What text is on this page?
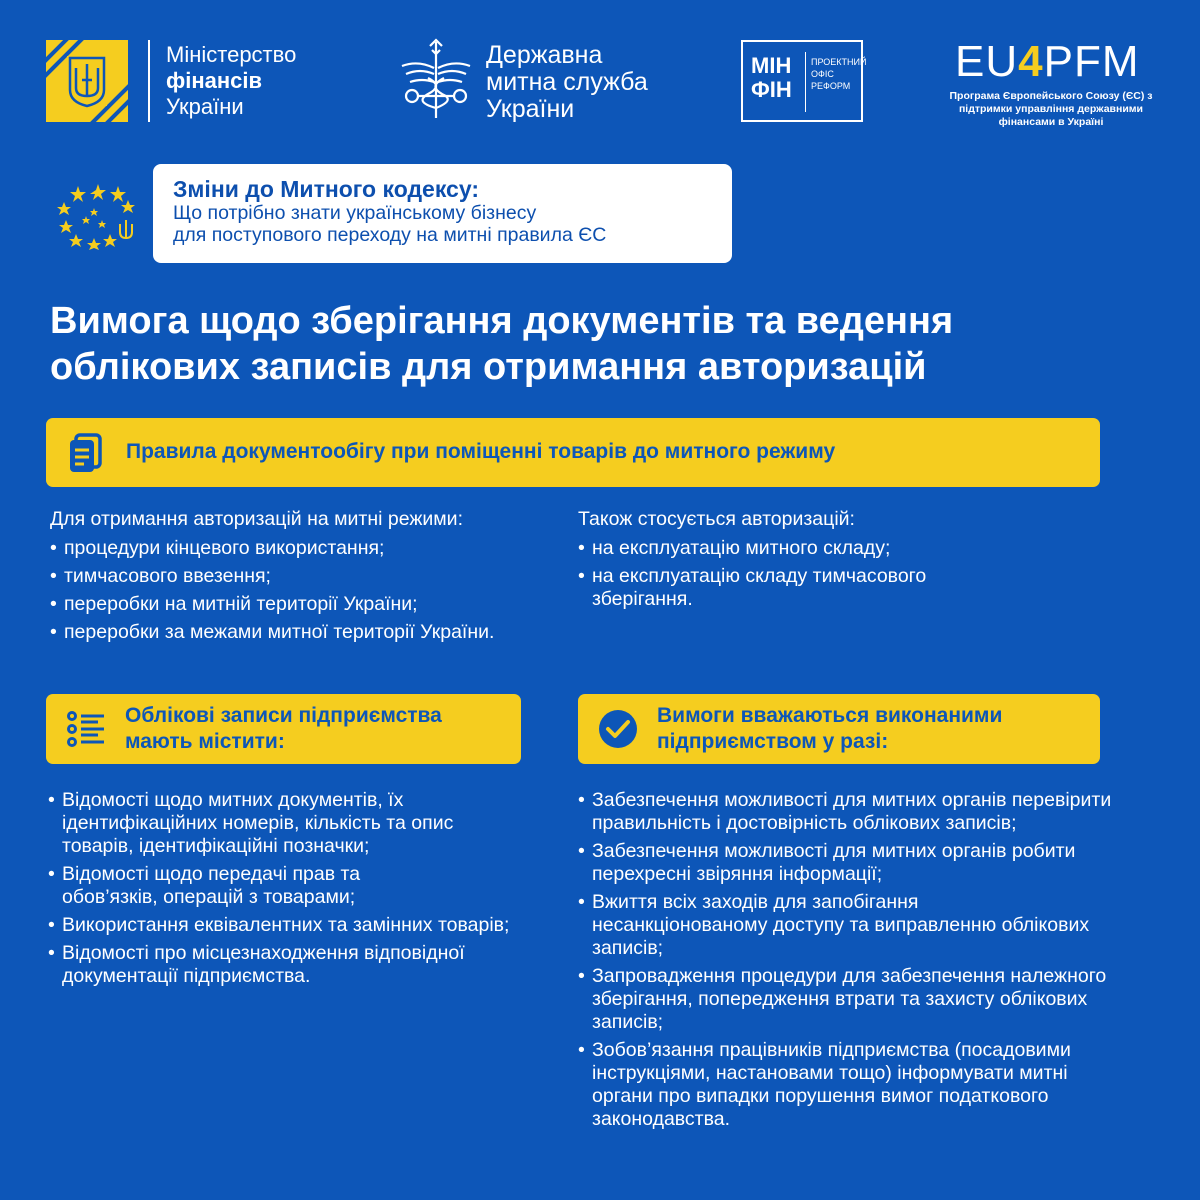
Міністерство
фінансів
України
Державна
митна служба
України
МІН
ФІН
ПРОЕКТНИЙ
ОФІС
РЕФОРМ	EU4PFM
Програма Європейського Союзу (ЄС) з підтримки управління державними фінансами в Україні
Зміни до Митного кодексу:
Що потрібно знати українському бізнесу
для поступового переходу на митні правила ЄС
Вимога щодо зберігання документів та ведення
облікових записів для отримання авторизацій
Правила документообігу при поміщенні товарів до митного режиму

Для отримання авторизацій на митні режими:

• процедури кінцевого використання;
• тимчасового ввезення;
• переробки на митній території України;
• переробки за межами митної території України.

Також стосується авторизацій:

• на експлуатацію митного складу;
• на експлуатацію складу тимчасового зберігання.
Облікові записи підприємства
мають містити:
• Відомості щодо митних документів, їх ідентифікаційних номерів, кількість та опис товарів, ідентифікаційні позначки;
• Відомості щодо передачі прав та обов’язків, операцій з товарами;
• Використання еквівалентних та замінних товарів;
• Відомості про місцезнаходження відповідної документації підприємства.
Вимоги вважаються виконаними
підприємством у разі:
• Забезпечення можливості для митних органів перевірити правильність і достовірність облікових записів;
• Забезпечення можливості для митних органів робити перехресні звіряння інформації;
• Вжиття всіх заходів для запобігання несанкціонованому доступу та виправленню облікових записів;
• Запровадження процедури для забезпечення належного зберігання, попередження втрати та захисту облікових записів;
• Зобов’язання працівників підприємства (посадовими інструкціями, настановами тощо) інформувати митні органи про випадки порушення вимог податкового законодавства.
